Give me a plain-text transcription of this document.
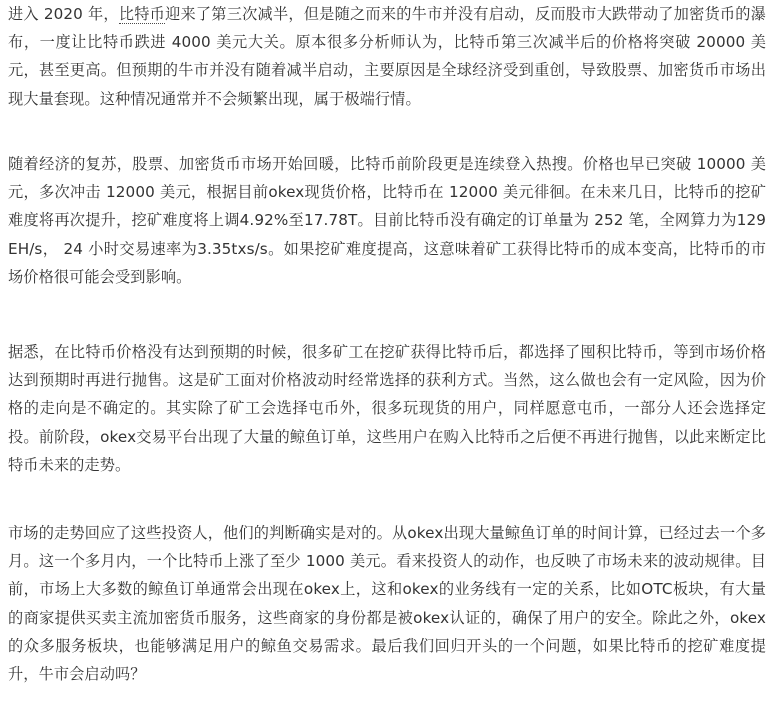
进入 2020 年，比特币迎来了第三次减半，但是随之而来的牛市并没有启动，反而股市大跌带动了加密货币的瀑布，一度让比特币跌进 4000 美元大关。原本很多分析师认为，比特币第三次减半后的价格将突破 20000 美元，甚至更高。但预期的牛市并没有随着减半启动，主要原因是全球经济受到重创，导致股票、加密货币市场出现大量套现。这种情况通常并不会频繁出现，属于极端行情。

随着经济的复苏，股票、加密货币市场开始回暖，比特币前阶段更是连续登入热搜。价格也早已突破 10000 美元，多次冲击 12000 美元，根据目前okex现货价格，比特币在 12000 美元徘徊。在未来几日，比特币的挖矿难度将再次提升，挖矿难度将上调4.92%至17.78T。目前比特币没有确定的订单量为 252 笔，全网算力为129EH/s， 24 小时交易速率为3.35txs/s。如果挖矿难度提高，这意味着矿工获得比特币的成本变高，比特币的市场价格很可能会受到影响。

据悉，在比特币价格没有达到预期的时候，很多矿工在挖矿获得比特币后，都选择了囤积比特币，等到市场价格达到预期时再进行抛售。这是矿工面对价格波动时经常选择的获利方式。当然，这么做也会有一定风险，因为价格的走向是不确定的。其实除了矿工会选择屯币外，很多玩现货的用户，同样愿意屯币，一部分人还会选择定投。前阶段，okex交易平台出现了大量的鲸鱼订单，这些用户在购入比特币之后便不再进行抛售，以此来断定比特币未来的走势。

市场的走势回应了这些投资人，他们的判断确实是对的。从okex出现大量鲸鱼订单的时间计算，已经过去一个多月。这一个多月内，一个比特币上涨了至少 1000 美元。看来投资人的动作，也反映了市场未来的波动规律。目前，市场上大多数的鲸鱼订单通常会出现在okex上，这和okex的业务线有一定的关系，比如OTC板块，有大量的商家提供买卖主流加密货币服务，这些商家的身份都是被okex认证的，确保了用户的安全。除此之外，okex的众多服务板块，也能够满足用户的鲸鱼交易需求。最后我们回归开头的一个问题，如果比特币的挖矿难度提升，牛市会启动吗？
